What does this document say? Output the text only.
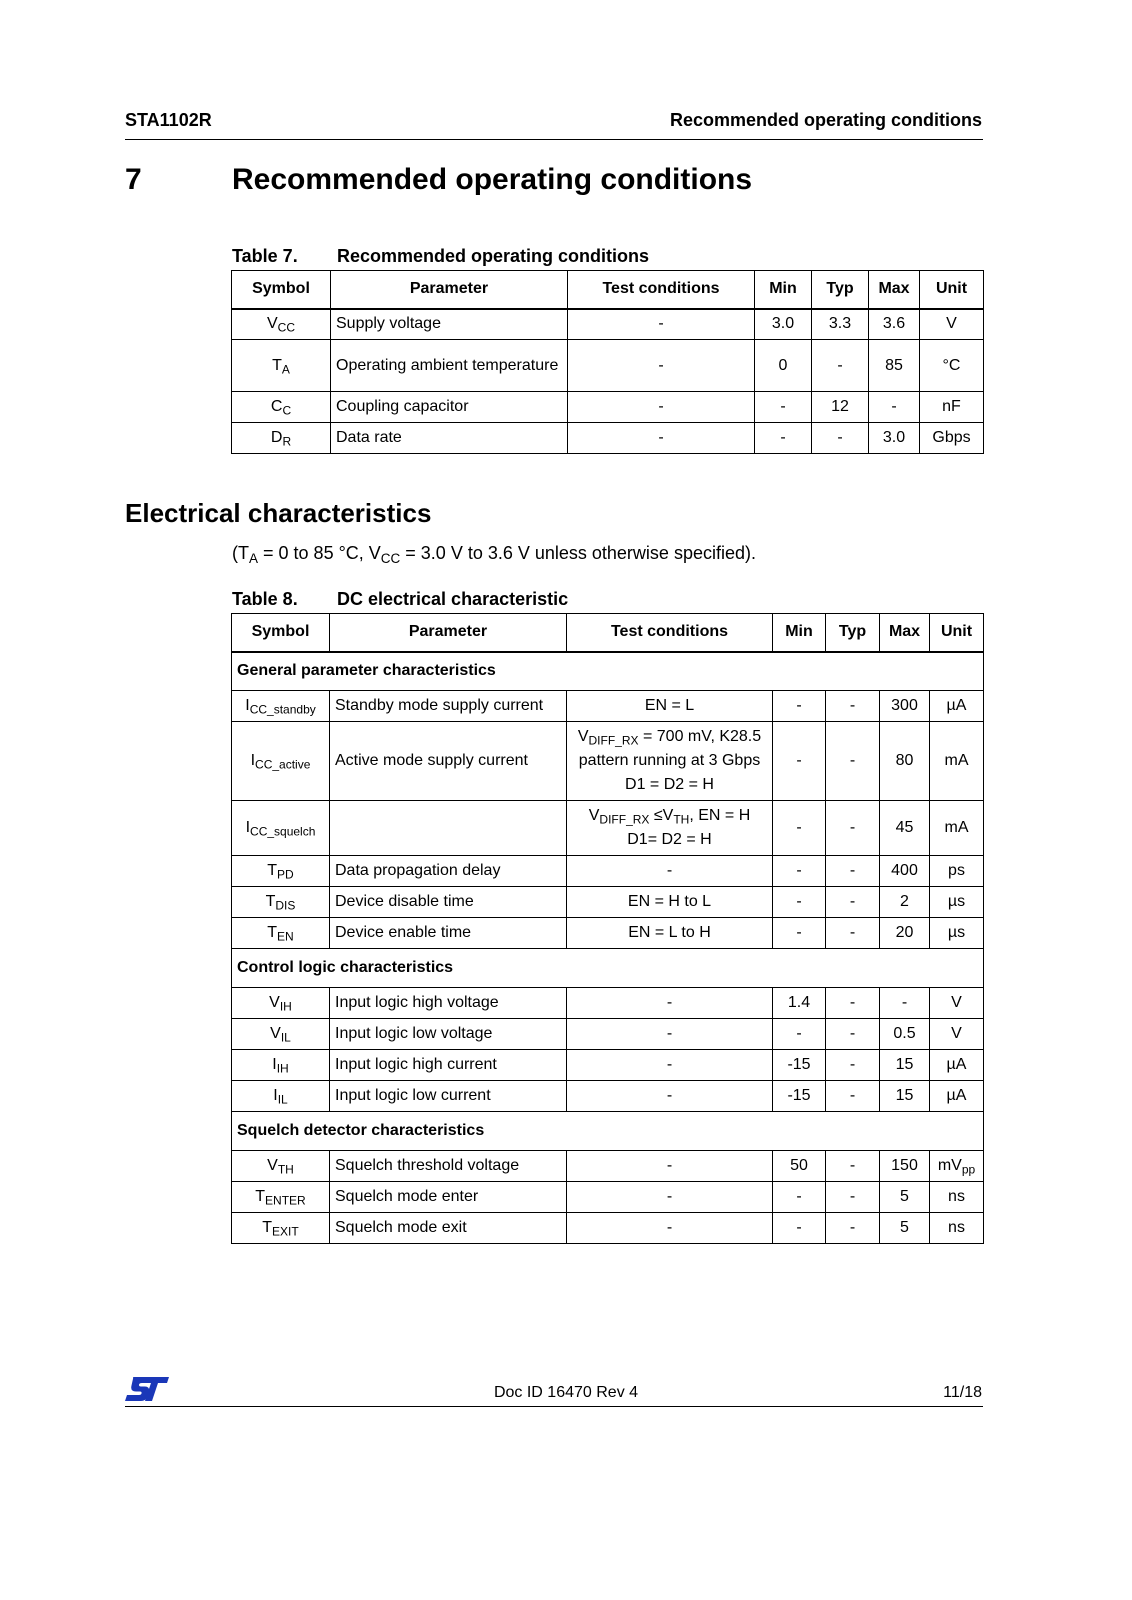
STA1102R	Recommended operating conditions
7	Recommended operating conditions
Table 7. Recommended operating conditions
Symbol	Parameter	Test conditions	Min	Typ	Max	Unit
$V_{CC}$	Supply voltage	-	3.0	3.3	3.6	V
$T_A$	Operating ambient temperature	-	0	-	85	°C
$C_C$	Coupling capacitor	-	-	12	-	nF
$D_R$	Data rate	-	-	-	3.0	Gbps
Electrical characteristics
($T_A = 0$ to 85 °C, $V_{CC} = 3.0$ V to 3.6 V unless otherwise specified).
Table 8. DC electrical characteristic
Symbol	Parameter	Test conditions	Min	Typ	Max	Unit
General parameter characteristics						
$I_{CC\_standby}$	Standby mode supply current	EN = L	-	-	300	µA
$I_{CC\_active}$	Active mode supply current	$V_{DIFF\_RX} = 700$ mV, K28.5
pattern running at 3 Gbps
D1 = D2 = H	-	-	80	mA
$I_{CC\_squelch}$		$V_{DIFF\_RX} \le V_{TH}$, EN = H
D1= D2 = H	-	-	45	mA
$T_{PD}$	Data propagation delay	-	-	-	400	ps
$T_{DIS}$	Device disable time	EN = H to L	-	-	2	µs
$T_{EN}$	Device enable time	EN = L to H	-	-	20	µs
Control logic characteristics						
$V_{IH}$	Input logic high voltage	-	1.4	-	-	V
$V_{IL}$	Input logic low voltage	-	-	-	0.5	V
$I_{IH}$	Input logic high current	-	-15	-	15	µA
$I_{IL}$	Input logic low current	-	-15	-	15	µA
Squelch detector characteristics						
$V_{TH}$	Squelch threshold voltage	-	50	-	150	$mV_{pp}$
$T_{ENTER}$	Squelch mode enter	-	-	-	5	ns
$T_{EXIT}$	Squelch mode exit	-	-	-	5	ns
Doc ID 16470 Rev 4	11/18
